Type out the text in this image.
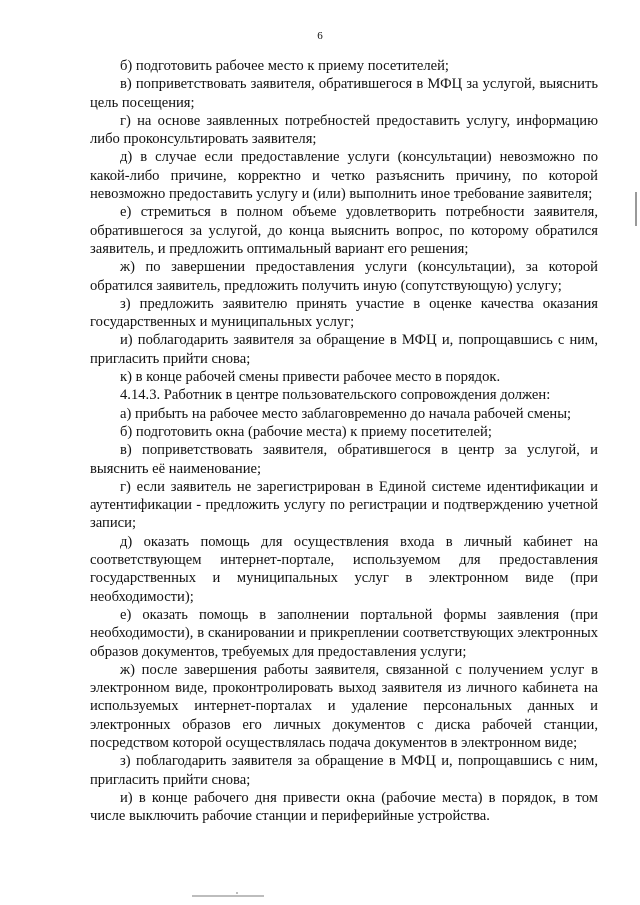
6

б) подготовить рабочее место к приему посетителей;

в) поприветствовать заявителя, обратившегося в МФЦ за услугой, выяснить цель посещения;

г) на основе заявленных потребностей предоставить услугу, информацию либо проконсультировать заявителя;

д) в случае если предоставление услуги (консультации) невозможно по какой-либо причине, корректно и четко разъяснить причину, по которой невозможно предоставить услугу и (или) выполнить иное требование заявителя;

е) стремиться в полном объеме удовлетворить потребности заявителя, обратившегося за услугой, до конца выяснить вопрос, по которому обратился заявитель, и предложить оптимальный вариант его решения;

ж) по завершении предоставления услуги (консультации), за которой обратился заявитель, предложить получить иную (сопутствующую) услугу;

з) предложить заявителю принять участие в оценке качества оказания государственных и муниципальных услуг;

и) поблагодарить заявителя за обращение в МФЦ и, попрощавшись с ним, пригласить прийти снова;

к) в конце рабочей смены привести рабочее место в порядок.

4.14.3. Работник в центре пользовательского сопровождения должен:

а) прибыть на рабочее место заблаговременно до начала рабочей смены;

б) подготовить окна (рабочие места) к приему посетителей;

в) поприветствовать заявителя, обратившегося в центр за услугой, и выяснить её наименование;

г) если заявитель не зарегистрирован в Единой системе идентификации и аутентификации - предложить услугу по регистрации и подтверждению учетной записи;

д) оказать помощь для осуществления входа в личный кабинет на соответствующем интернет-портале, используемом для предоставления государственных и муниципальных услуг в электронном виде (при необходимости);

е) оказать помощь в заполнении портальной формы заявления (при необходимости), в сканировании и прикреплении соответствующих электронных образов документов, требуемых для предоставления услуги;

ж) после завершения работы заявителя, связанной с получением услуг в электронном виде, проконтролировать выход заявителя из личного кабинета на используемых интернет-порталах и удаление персональных данных и электронных образов его личных документов с диска рабочей станции, посредством которой осуществлялась подача документов в электронном виде;

з) поблагодарить заявителя за обращение в МФЦ и, попрощавшись с ним, пригласить прийти снова;

и) в конце рабочего дня привести окна (рабочие места) в порядок, в том числе выключить рабочие станции и периферийные устройства.
